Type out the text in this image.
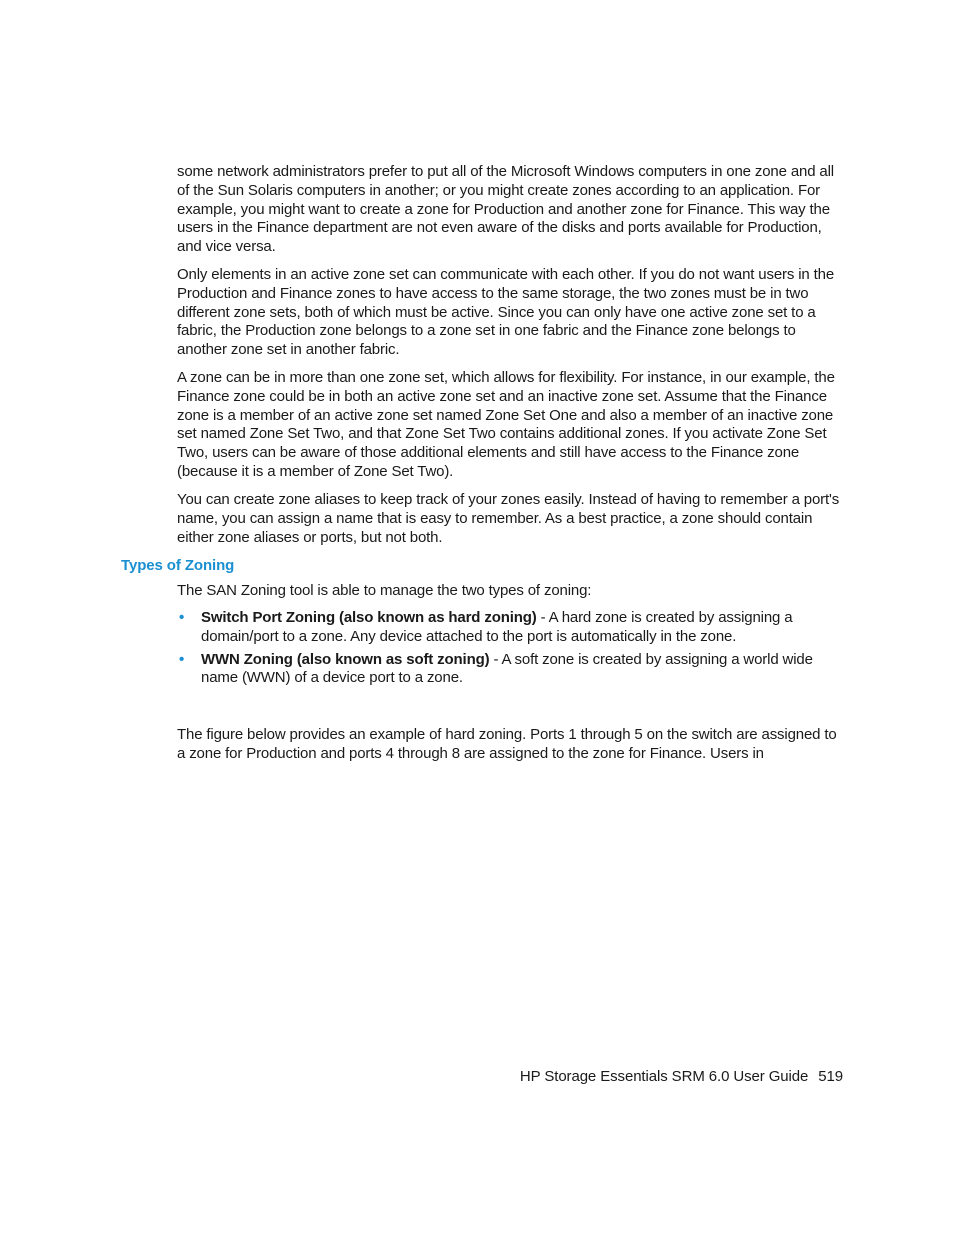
some network administrators prefer to put all of the Microsoft Windows computers in one zone and all of the Sun Solaris computers in another; or you might create zones according to an application. For example, you might want to create a zone for Production and another zone for Finance. This way the users in the Finance department are not even aware of the disks and ports available for Production, and vice versa.

Only elements in an active zone set can communicate with each other. If you do not want users in the Production and Finance zones to have access to the same storage, the two zones must be in two different zone sets, both of which must be active. Since you can only have one active zone set to a fabric, the Production zone belongs to a zone set in one fabric and the Finance zone belongs to another zone set in another fabric.

A zone can be in more than one zone set, which allows for flexibility. For instance, in our example, the Finance zone could be in both an active zone set and an inactive zone set. Assume that the Finance zone is a member of an active zone set named Zone Set One and also a member of an inactive zone set named Zone Set Two, and that Zone Set Two contains additional zones. If you activate Zone Set Two, users can be aware of those additional elements and still have access to the Finance zone (because it is a member of Zone Set Two).

You can create zone aliases to keep track of your zones easily. Instead of having to remember a port's name, you can assign a name that is easy to remember. As a best practice, a zone should contain either zone aliases or ports, but not both.

Types of Zoning

The SAN Zoning tool is able to manage the two types of zoning:

• Switch Port Zoning (also known as hard zoning) - A hard zone is created by assigning a domain/port to a zone. Any device attached to the port is automatically in the zone.
• WWN Zoning (also known as soft zoning) - A soft zone is created by assigning a world wide name (WWN) of a device port to a zone.

The figure below provides an example of hard zoning. Ports 1 through 5 on the switch are assigned to a zone for Production and ports 4 through 8 are assigned to the zone for Finance. Users in

HP Storage Essentials SRM 6.0 User Guide 519
